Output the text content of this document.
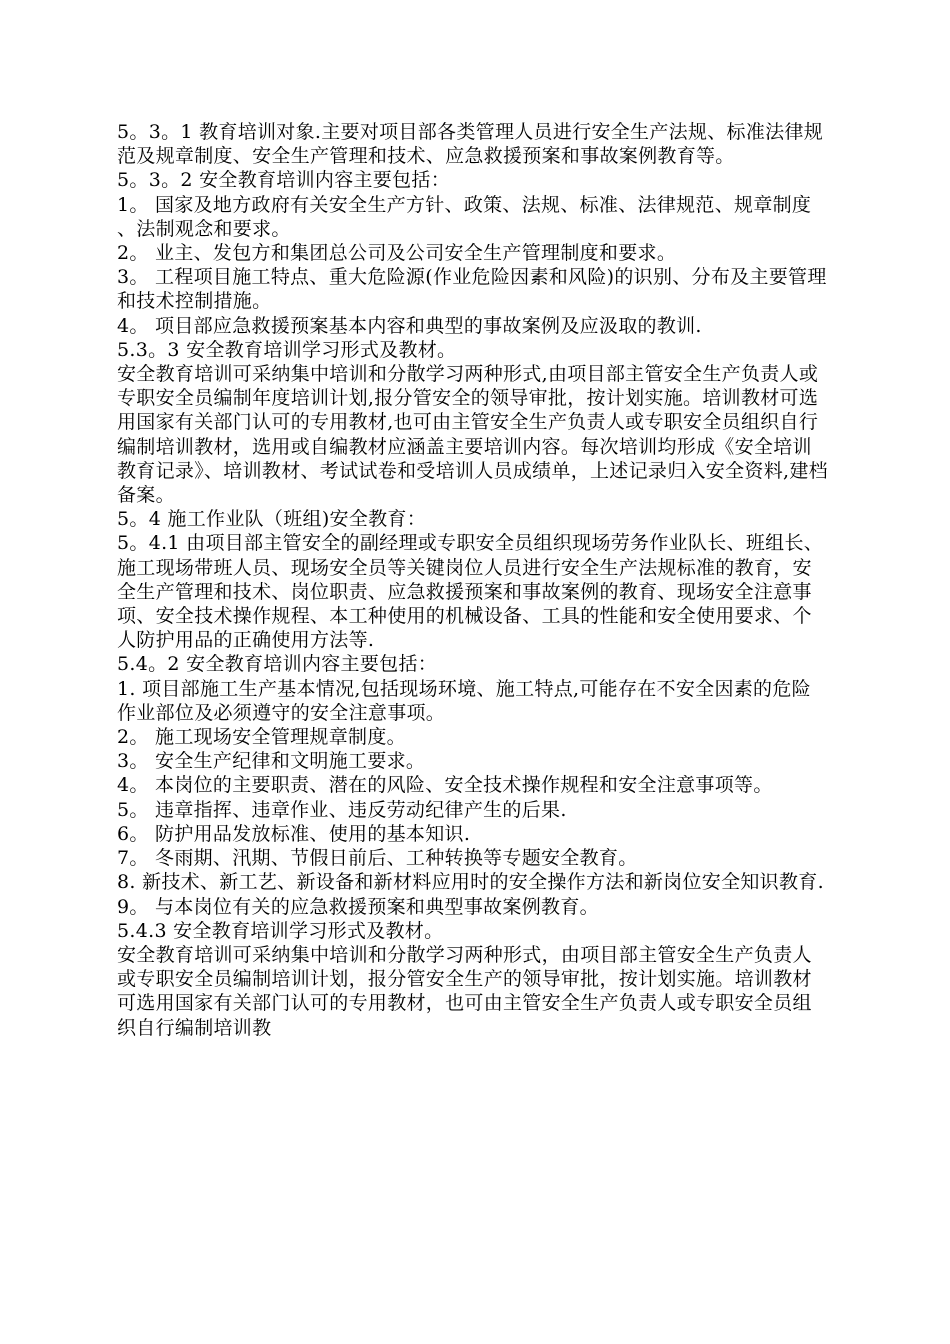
5。3。1 教育培训对象.主要对项目部各类管理人员进行安全生产法规、标准法律规范及规章制度、安全生产管理和技术、应急救援预案和事故案例教育等。

5。3。2 安全教育培训内容主要包括：

1。 国家及地方政府有关安全生产方针、政策、法规、标准、法律规范、规章制度、法制观念和要求。

2。 业主、发包方和集团总公司及公司安全生产管理制度和要求。

3。 工程项目施工特点、重大危险源(作业危险因素和风险)的识别、分布及主要管理和技术控制措施。

4。 项目部应急救援预案基本内容和典型的事故案例及应汲取的教训.

5.3。3 安全教育培训学习形式及教材。

安全教育培训可采纳集中培训和分散学习两种形式,由项目部主管安全生产负责人或专职安全员编制年度培训计划,报分管安全的领导审批，按计划实施。培训教材可选用国家有关部门认可的专用教材,也可由主管安全生产负责人或专职安全员组织自行编制培训教材，选用或自编教材应涵盖主要培训内容。每次培训均形成《安全培训教育记录》、培训教材、考试试卷和受培训人员成绩单，上述记录归入安全资料,建档备案。

5。4 施工作业队（班组)安全教育：

5。4.1 由项目部主管安全的副经理或专职安全员组织现场劳务作业队长、班组长、施工现场带班人员、现场安全员等关键岗位人员进行安全生产法规标准的教育，安全生产管理和技术、岗位职责、应急救援预案和事故案例的教育、现场安全注意事项、安全技术操作规程、本工种使用的机械设备、工具的性能和安全使用要求、个人防护用品的正确使用方法等.

5.4。2 安全教育培训内容主要包括：

1. 项目部施工生产基本情况,包括现场环境、施工特点,可能存在不安全因素的危险作业部位及必须遵守的安全注意事项。

2。 施工现场安全管理规章制度。

3。 安全生产纪律和文明施工要求。

4。 本岗位的主要职责、潜在的风险、安全技术操作规程和安全注意事项等。

5。 违章指挥、违章作业、违反劳动纪律产生的后果.

6。 防护用品发放标准、使用的基本知识.

7。 冬雨期、汛期、节假日前后、工种转换等专题安全教育。

8. 新技术、新工艺、新设备和新材料应用时的安全操作方法和新岗位安全知识教育.

9。 与本岗位有关的应急救援预案和典型事故案例教育。

5.4.3 安全教育培训学习形式及教材。

安全教育培训可采纳集中培训和分散学习两种形式，由项目部主管安全生产负责人或专职安全员编制培训计划，报分管安全生产的领导审批，按计划实施。培训教材可选用国家有关部门认可的专用教材，也可由主管安全生产负责人或专职安全员组织自行编制培训教
